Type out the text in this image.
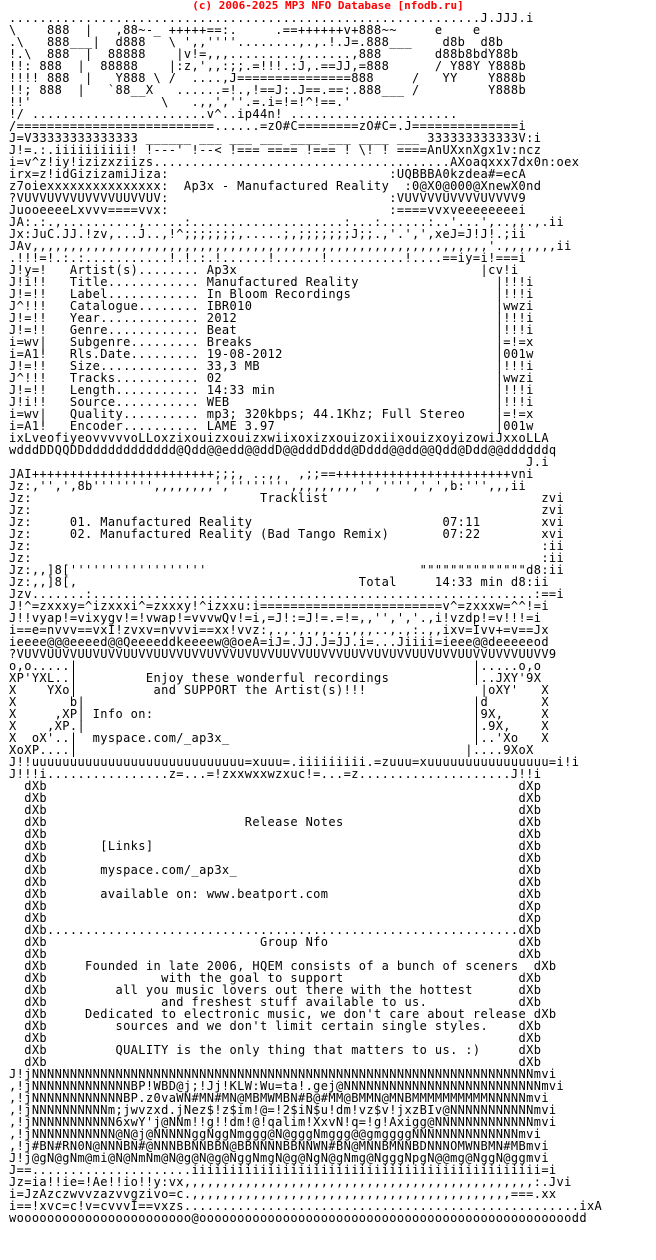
(c) 2006-2025 MP3 NFO Database [nfodb.ru]
..............................................................J.JJJ.i
\    888  |   ,88~-_ +++++==:.     .==++++++v+888~~     e    e
.\   888___|  d888   \ ',,''''........,.,.!.J=.888___    d8b  d8b
!.\  888  |  88888    |v!=,,,.........,......,888       d88b8bdY88b
!!: 888  |  88888    |:z,',,:;;.=!!!.:J,.==JJ,=888      / Y88Y Y888b
!!!! 888  |   Y888 \ /  ....,J===============888     /   YY    Y888b
!!; 888  |   `88__X   ......=!.,!==J:.J==.==:.888___ /         Y888b
!!'                 \   .,,',''.=.i=!=!^!==.'
!/ .......................v^..ip44n! ......................
/==========================......=zO#C========zO#C=.J==============i
J=V33333333333333 ______ ___ ___ ___ ____ ___ ____ ___ 333333333333V:i
J!=.:.iiiiiiiiii! !---' !--< !=== ==== !=== ! \! ! ====AnUXxnXgx1v:ncz
i=v^z!iy!izizxziizs.......................................AXoaqxxx7dx0n:oex
irx=z!idGizizamiJiza:                             :UQBBBA0kzdea#=ecA
z7oiexxxxxxxxxxxxxxx:  Ap3x - Manufactured Reality  :0@X0@000@XnewX0nd
?VUVVUVVVUVVVVUUVVUV:                             :VUVVVVUVVVVUVVVV9
JuooeeeeLxvvv====vvx:                             :====vvxveeeeeeeei
JA:.:.,..........,.....:....................:...:......:..'...',..,,.,.ii
Jx:JuC.JJ.!zv,...J..,!^;;;;;;;,.....;,;;;;;;;J;;.,'.',',xeJ=J!J!.;ii
JAv,,,,,,,,,,,,,,,,,,,,,,,,,,,,,,,,,,,,,,,,,,,,,,,,,,,,,,,,,,,,'.,,,,,,,ii
.!!!=!.:.:...........!.!.:.!......!......!..........!....==iy=i!===i
J!y=!   Artist(s)........ Ap3x                                |cv!i
J!i!!   Title............ Manufactured Reality                  |!!!i
J!=!!   Label............ In Bloom Recordings                   |!!!i
J^!!!   Catalogue........ IBR010                                |wwzi
J!=!!   Year............. 2012                                  |!!!i
J!=!!   Genre............ Beat                                  |!!!i
i=wv|   Subgenre......... Breaks                                |=!=x
i=A1!   Rls.Date......... 19-08-2012                            |001w
J!=!!   Size............. 33,3 MB                               |!!!i
J^!!!   Tracks........... 02                                    |wwzi
J!=!!   Length........... 14:33 min                             |!!!i
J!i!!   Source........... WEB                                   |!!!i
i=wv|   Quality.......... mp3; 320kbps; 44.1Khz; Full Stereo    |=!=x
i=A1!   Encoder.......... LAME 3.97                             |001w
ixLveofiyeovvvvvoLLoxzixouizxouizxwiixoxizxouizoxiixouizxoyizowiJxxoLLA
wdddDDQQDDdddddddddddd@Qdd@@edd@@ddD@@dddDddd@Dddd@@dd@@Qdd@Ddd@@ddddddq
J.i
JAI++++++++++++++++++++++++;;;, ..,,  ,;;==+++++++++++++++++++++++vni
Jz:,'',',8b'''''''',,,,,,,,','''''''',,,,,,,,,'','''',',',b:''',,,ii
Jz:                              Tracklist                            zvi
Jz:                                                                   zvi
Jz:     01. Manufactured Reality                         07:11        xvi
Jz:     02. Manufactured Reality (Bad Tango Remix)       07:22        xvi
Jz:                                                                   :ii
Jz:                                                                   :ii
Jz:,,]8[''''''''''''''''''                            """"""""""""""d8:ii
Jz:,,]8[,                                     Total     14:33 min d8:ii
Jzv.......:..........................................................:==i
J!^=zxxxy=^izxxxi^=zxxxy!^izxxu:i========================v^=zxxxw=^^!=i
J!!vyap!=vixygv!=!vwap!=vvvwQv!=i,=J!:=J!=.=!=,,'',','.,i!vzdp!=v!!!=i
i==e=nvvv==vxI!zvxv=nvvvi==xx!vvz:,.,.,.,,.,.,,,..,.,:.,,ixv=Ivv+=v==Jx
ieeee@@@eeeed@@Qeeeeddkeeeew@@oeA=iJ=.JJ.J=JJ.i=...Jiiii=ieee@@deeeeeod
?VUVVUUVVUUVUVVUUVVUUVVUVVUVVVUVUVVUUVVUUVVVUUVVUVUVVUUVUVVUUVVUVVVUUVV9
o,o.....|                                                    |.....o,o
XP'YXL..|         Enjoy these wonderful recordings           |..JXY'9X
X    YXo|          and SUPPORT the Artist(s)!!!               |oXY'   X
X       b|                                                   |d       X
X     ,XP| Info on:                                          |9X,     X
X    ,XP.|                                                   |.9X,    X
X  oX'..|  myspace.com/_ap3x_                                |..'Xo   X
XoXP....|                                                   |....9XoX
J!!uuuuuuuuuuuuuuuuuuuuuuuuuuuu=xuuu=.iiiiiiiii.=zuuu=xuuuuuuuuuuuuuuuu=i!i
J!!!i................z=...=!zxxwxxwzxuc!=...=z....................J!!i
dXb                                                              dXp
dXb                                                              dXb
dXb                                                              dXb
dXb                          Release Notes                       dXb
dXb                                                              dXb
dXb       [Links]                                                dXb
dXb                                                              dXb
dXb       myspace.com/_ap3x_                                     dXb
dXb                                                              dXb
dXb       available on: www.beatport.com                         dXb
dXb                                                              dXp
dXb                                                              dXp
dXb..............................................................dXb
dXb                            Group Nfo                         dXb
dXb                                                              dXb
dXb     Founded in late 2006, HQEM consists of a bunch of sceners  dXb
dXb               with the goal to support                       dXb
dXb         all you music lovers out there with the hottest      dXb
dXb               and freshest stuff available to us.            dXb
dXb     Dedicated to electronic music, we don't care about release dXb
dXb         sources and we don't limit certain single styles.    dXb
dXb                                                              dXb
dXb         QUALITY is the only thing that matters to us. :)     dXb
dXb                                                              dXb
J!jNNNNNNNNNNNNNNNNNNNNNNNNNNNNNNNNNNNNNNNNNNNNNNNNNNNNNNNNNNNNNNNNNNmvi
,!jNNNNNNNNNNNNNBP!WBD@j;!Jj!KLW:Wu=ta!.gej@NNNNNNNNNNNNNNNNNNNNNNNNNNmvi
,!jNNNNNNNNNNNNBP.z0vaWN#MN#MN@MBMWMBN#B@#MM@BMMN@MNBMMMMMMMMMMNNNNNmvi
,!jNNNNNNNNNNm;jwvzxd.jNez$!z$im!@=!2$iN$u!dm!vz$v!jxzBIv@NNNNNNNNNNNmvi
,!jNNNNNNNNNNN6xwY'j@NNm!!g!!dm!@!qalim!XxvN!q=!g!Axigg@NNNNNNNNNNNNNmvi
,!jNNNNNNNNNNN@N@j@NNNNNggNggNmggg@N@gggNmggg@@gmggggNNNNNNNNNNNNNNmvi
,!j#BN#RN0N@NNNBN#@NNNBBNNBBN@BBNNNNBBNNWN#BN@MNNBMNNBDNNNOMWNBMN#MBmvi
J!j@gN@gNm@mi@N@NmNm@N@g@N@g@NggNmgN@g@NgN@gNmg@NgggNpgN@@mg@NggN@ggmvi
J==.....................iiiiiiiiiiiiiiiiiiiiiiiiiiiiiiiiiiiiiiiiiiiiii=i
Jz=ia!!ie=!Ae!!io!!y:vx,,,,,,,,,,,,,,,,,,,,,,,,,,,,,,,,,,,,,,,,,,,,,,:.Jvi
i=JzAzczwvvzazvvgzivo=c.,,,,,,,,,,,,,,,,,,,,,,,,,,,,,,,,,,,,,,,,,,===.xx
i==!xvc=c!v=cvvvI==vxzs....................................................ixA
wooooooooooooooooooooooo@ooooooooooooooooooooooooooooooooooooooooooooooooodd
